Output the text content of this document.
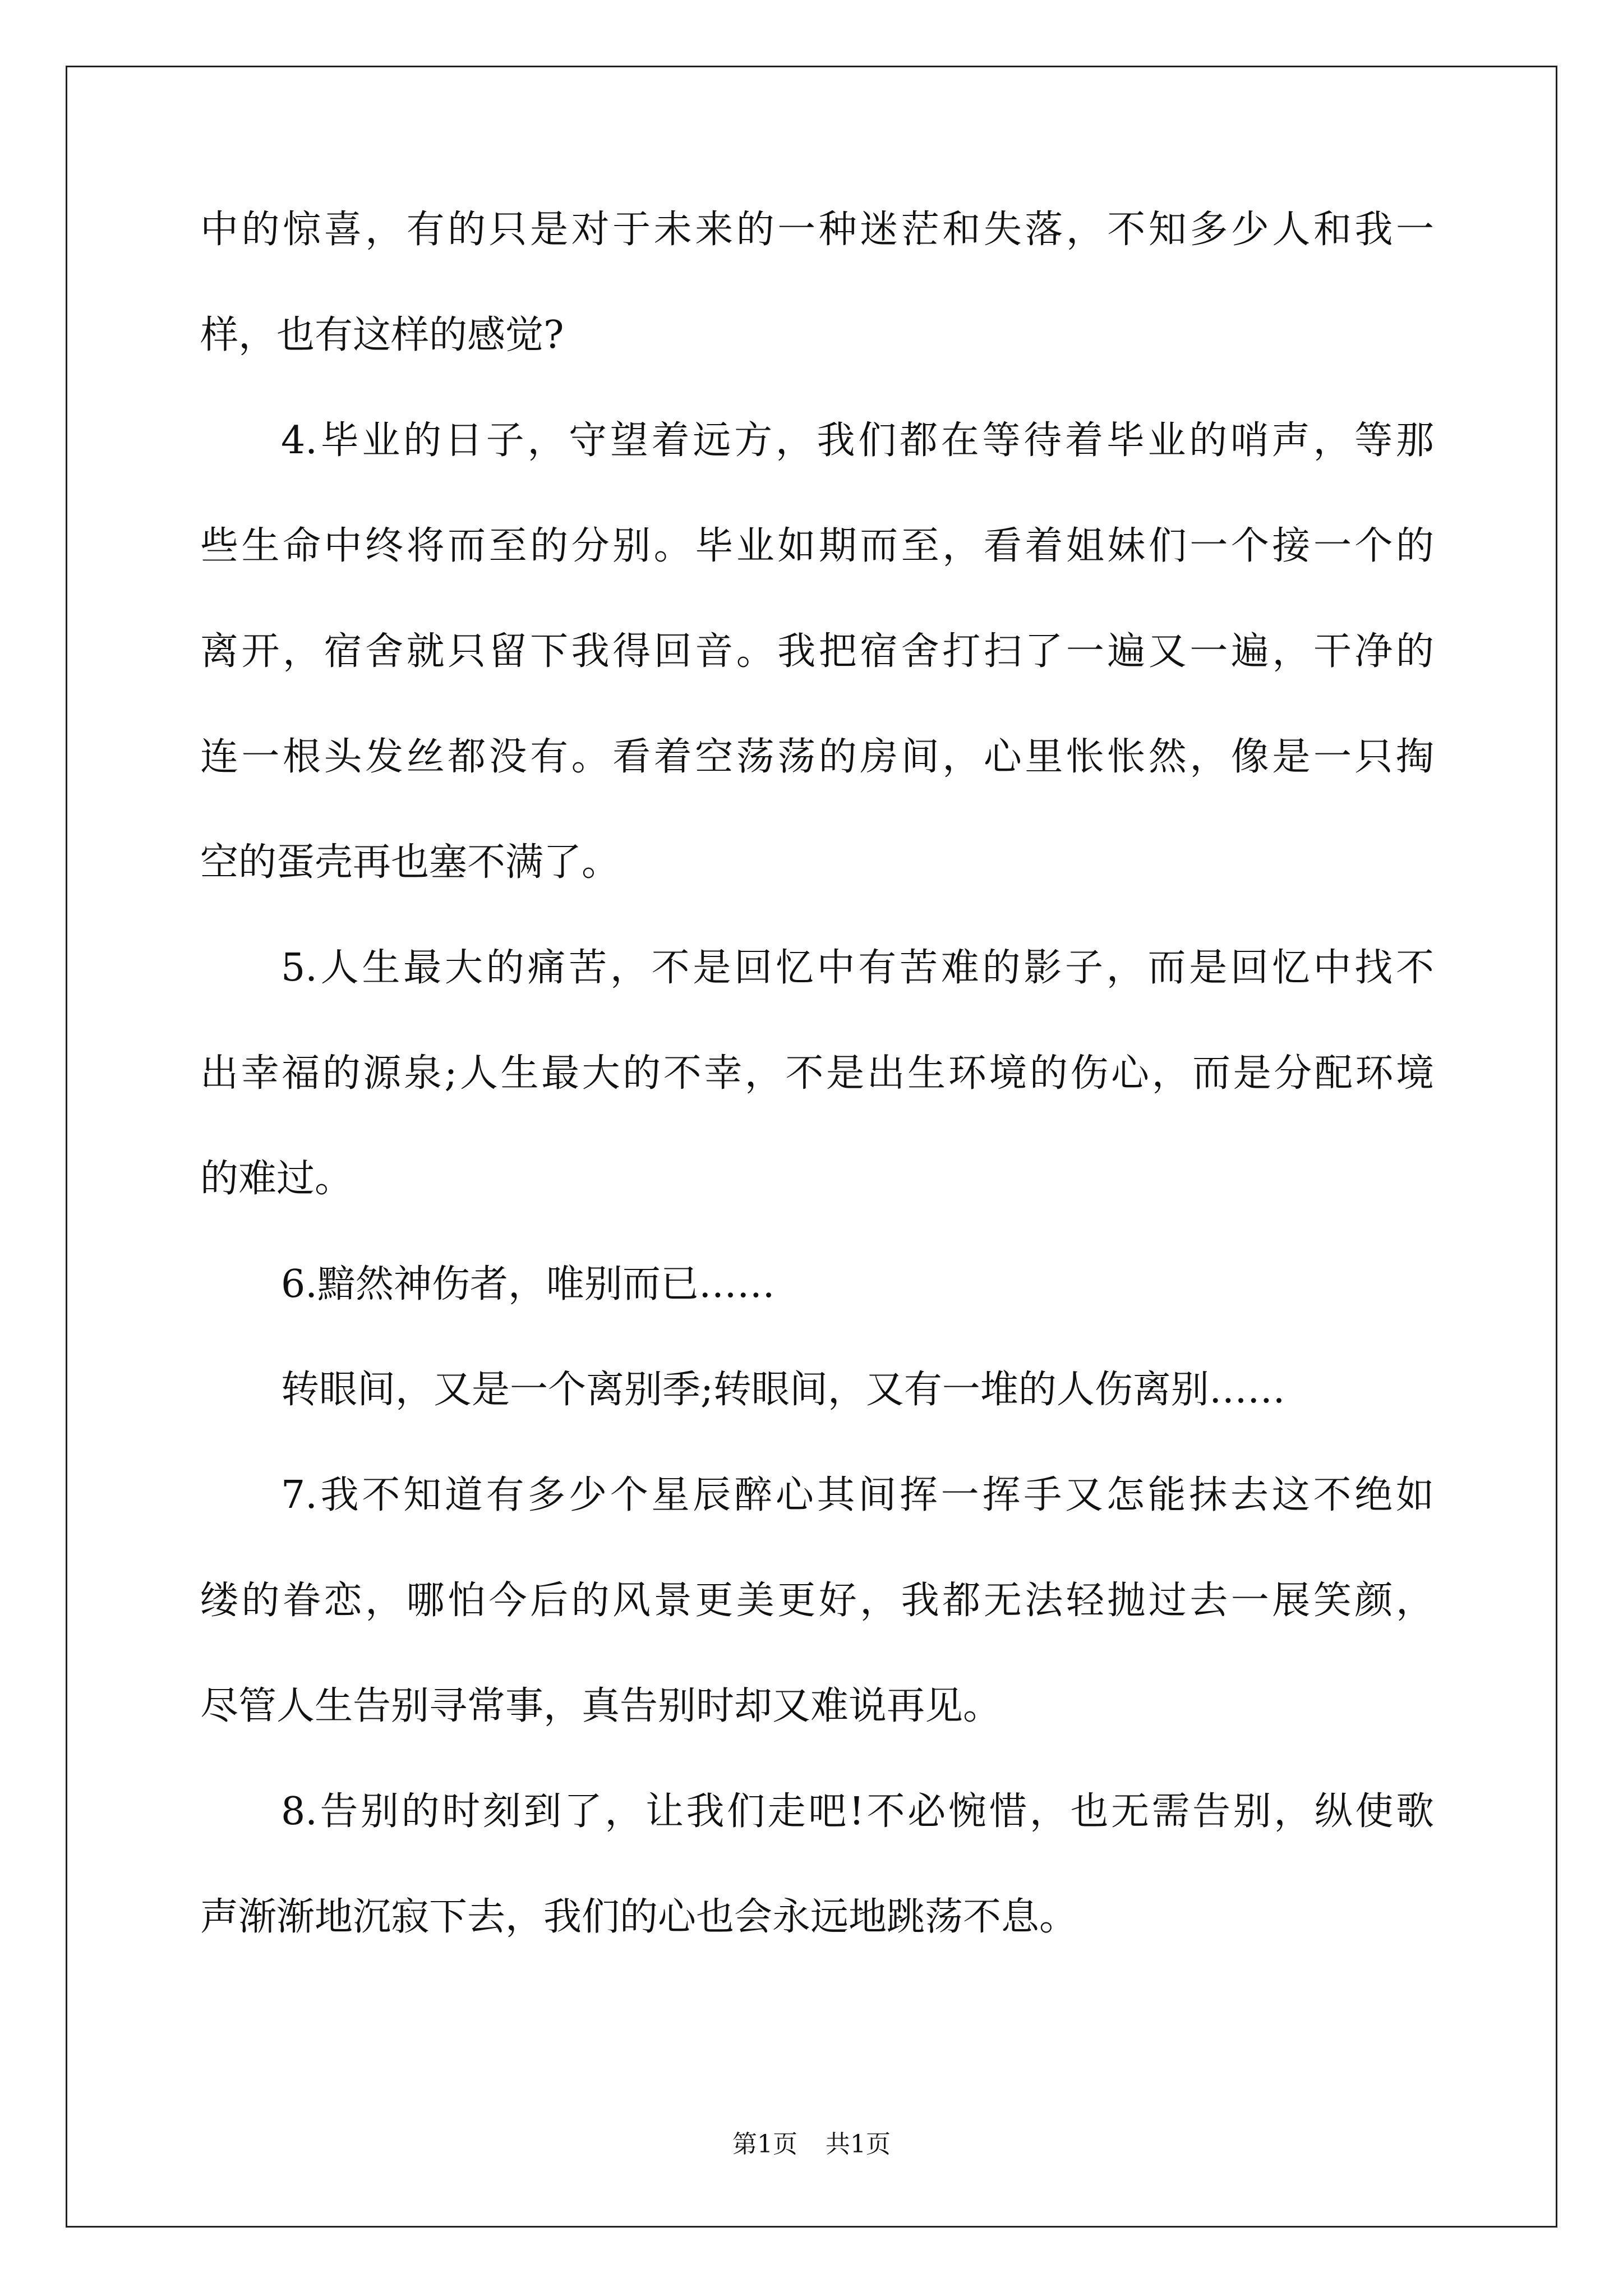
中的惊喜，有的只是对于未来的一种迷茫和失落，不知多少人和我一

样，也有这样的感觉?

4.毕业的日子，守望着远方，我们都在等待着毕业的哨声，等那

些生命中终将而至的分别。毕业如期而至，看着姐妹们一个接一个的

离开，宿舍就只留下我得回音。我把宿舍打扫了一遍又一遍，干净的

连一根头发丝都没有。看着空荡荡的房间，心里怅怅然，像是一只掏

空的蛋壳再也塞不满了。

5.人生最大的痛苦，不是回忆中有苦难的影子，而是回忆中找不

出幸福的源泉;人生最大的不幸，不是出生环境的伤心，而是分配环境

的难过。

6.黯然神伤者，唯别而已……

转眼间，又是一个离别季;转眼间，又有一堆的人伤离别……

7.我不知道有多少个星辰醉心其间挥一挥手又怎能抹去这不绝如

缕的眷恋，哪怕今后的风景更美更好，我都无法轻抛过去一展笑颜，

尽管人生告别寻常事，真告别时却又难说再见。

8.告别的时刻到了，让我们走吧!不必惋惜，也无需告别，纵使歌

声渐渐地沉寂下去，我们的心也会永远地跳荡不息。

第1页 共1页
